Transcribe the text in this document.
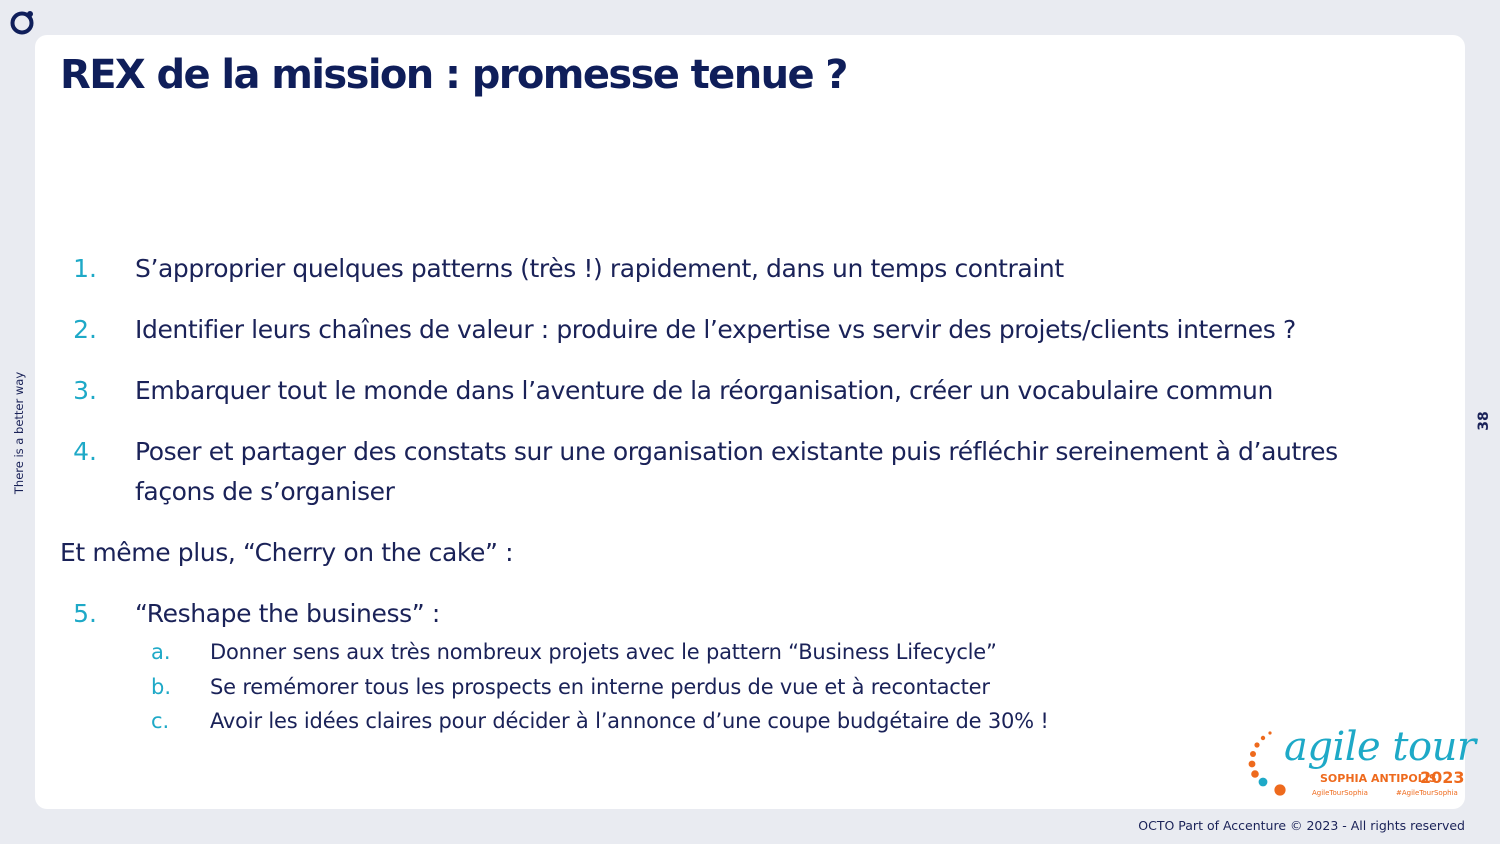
There is a better way	38
REX de la mission : promesse tenue ?
1. S’approprier quelques patterns (très !) rapidement, dans un temps contraint
2. Identifier leurs chaînes de valeur : produire de l’expertise vs servir des projets/clients internes ?
3. Embarquer tout le monde dans l’aventure de la réorganisation, créer un vocabulaire commun
4. Poser et partager des constats sur une organisation existante puis réfléchir sereinement à d’autres façons de s’organiser
Et même plus, “Cherry on the cake” :
5. “Reshape the business” :
a.	Donner sens aux très nombreux projets avec le pattern “Business Lifecycle”
b.	Se remémorer tous les prospects en interne perdus de vue et à recontacter
c.	Avoir les idées claires pour décider à l’annonce d’une coupe budgétaire de 30% !
agile tour
SOPHIA ANTIPOLIS
2023
AgileTourSophia	#AgileTourSophia
OCTO Part of Accenture © 2023 - All rights reserved
